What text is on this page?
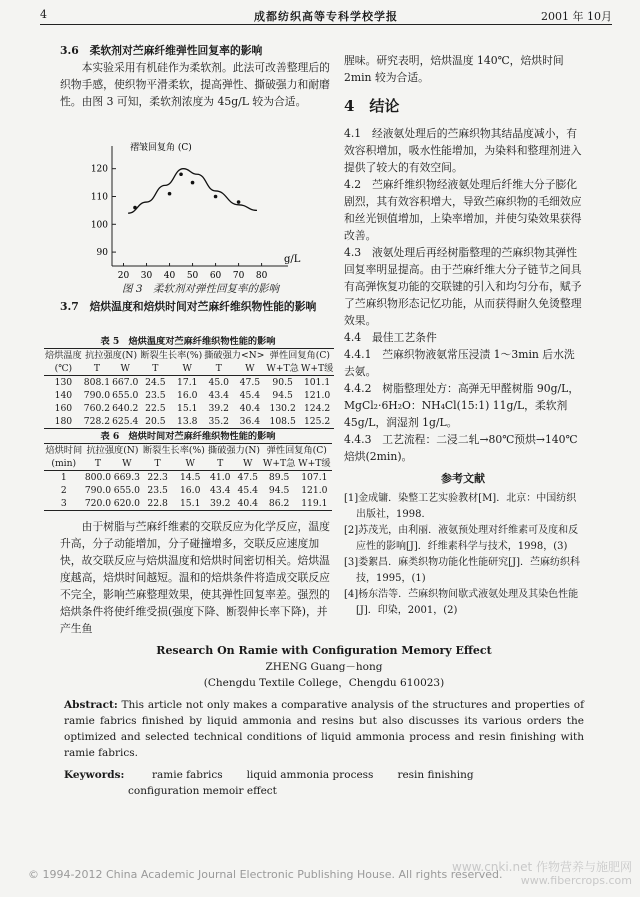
4	成都纺织高等专科学校学报	2001 年 10月

3.6　柔软剂对苎麻纤维弹性回复率的影响

本实验采用有机硅作为柔软剂。此法可改善整理后的织物手感，使织物平滑柔软，提高弹性、撕破强力和耐磨性。由图 3 可知，柔软剂浓度为 45g/L 较为合适。

90
100
110
120
20 30 40 50 60 70 80
褶皱回复角 (C)
g/L
图 3　柔软剂对弹性回复率的影响

3.7　焙烘温度和焙烘时间对苎麻纤维织物性能的影响

表 5　焙烘温度对苎麻纤维织物性能的影响
焙烘温度	抗拉强度(N)		断裂生长率(%)		撕破强力<N>		弹性回复角(C)	
(℃)	T	W	T	W	T	W	W+T急	W+T缓
130	808.1	667.0	24.5	17.1	45.0	47.5	90.5	101.1
140	790.0	655.0	23.5	16.0	43.4	45.4	94.5	121.0
160	760.2	640.2	22.5	15.1	39.2	40.4	130.2	124.2
180	728.2	625.4	20.5	13.8	35.2	36.4	108.5	125.2
表 6　焙烘时间对苎麻纤维织物性能的影响
焙烘时间	抗拉强度(N)		断裂生长率(%)		撕破强力(N)		弹性回复角(C)	
(min)	T	W	T	W	T	W	W+T急	W+T缓
1	800.0	669.3	22.3	14.5	41.0	47.5	89.5	107.1
2	790.0	655.0	23.5	16.0	43.4	45.4	94.5	121.0
3	720.0	620.0	22.8	15.1	39.2	40.4	86.2	119.1

由于树脂与苎麻纤维素的交联反应为化学反应，温度升高，分子动能增加，分子碰撞增多，交联反应速度加快，故交联反应与焙烘温度和焙烘时间密切相关。焙烘温度越高，焙烘时间越短。温和的焙烘条件将造成交联反应不完全，影响苎麻整理效果，使其弹性回复率差。强烈的焙烘条件将使纤维受损(强度下降、断裂伸长率下降)，并产生鱼

腥味。研究表明，焙烘温度 140℃，焙烘时间 2min 较为合适。

4　结论

4.1　经液氨处理后的苎麻织物其结晶度减小，有效容积增加，吸水性能增加，为染料和整理剂进入提供了较大的有效空间。

4.2　苎麻纤维织物经液氨处理后纤维大分子膨化剧烈，其有效容积增大，导致苎麻织物的毛细效应和丝光钡值增加，上染率增加，并使匀染效果获得改善。

4.3　液氨处理后再经树脂整理的苎麻织物其弹性回复率明显提高。由于苎麻纤维大分子链节之间具有高弹恢复功能的交联键的引入和均匀分布，赋予了苎麻织物形态记忆功能，从而获得耐久免烫整理效果。

4.4　最佳工艺条件

4.4.1　苎麻织物液氨常压浸渍 1～3min 后水洗去氨。

4.4.2　树脂整理处方：高弹无甲醛树脂 90g/L，MgCl₂·6H₂O：NH₄Cl(15:1) 11g/L，柔软剂 45g/L，润湿剂 1g/L。

4.4.3　工艺流程：二浸二轧→80℃预烘→140℃焙烘(2min)。

参考文献

[1]金成镛．染整工艺实验教材[M]．北京：中国纺织出版社，1998．

[2]苏茂光，由利丽．液氨预处理对纤维素可及度和反应性的影响[J]．纤维素科学与技术，1998，(3)

[3]娄絮昌．麻类织物功能化性能研究[J]．苎麻纺织科技，1995，(1)

[4]杨东浩等．苎麻织物间歇式液氨处理及其染色性能[J]．印染，2001，(2)

Research On Ramie with Configuration Memory Effect
ZHENG Guang－hong
(Chengdu Textile College，Chengdu 610023)
Abstract: This article not only makes a comparative analysis of the structures and properties of ramie fabrics finished by liquid ammonia and resins but also discusses its various orders the optimized and selected technical conditions of liquid ammonia process and resin finishing with ramie fabrics.
Keywords:	ramie fabrics liquid ammonia process resin finishing
configuration memoir effect
© 1994-2012 China Academic Journal Electronic Publishing House. All rights reserved.
www.cnki.net 作物营养与施肥网
www.fibercrops.com
